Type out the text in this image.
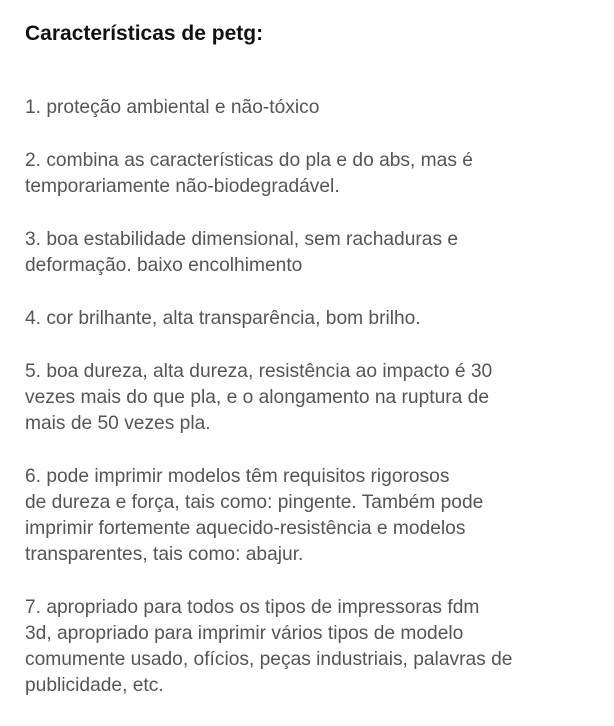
Características de petg:
1. proteção ambiental e não-tóxico
2. combina as características do pla e do abs, mas é
temporariamente não-biodegradável.
3. boa estabilidade dimensional, sem rachaduras e
deformação. baixo encolhimento
4. cor brilhante, alta transparência, bom brilho.
5. boa dureza, alta dureza, resistência ao impacto é 30
vezes mais do que pla, e o alongamento na ruptura de
mais de 50 vezes pla.
6. pode imprimir modelos têm requisitos rigorosos
de dureza e força, tais como: pingente. Também pode
imprimir fortemente aquecido-resistência e modelos
transparentes, tais como: abajur.
7. apropriado para todos os tipos de impressoras fdm
3d, apropriado para imprimir vários tipos de modelo
comumente usado, ofícios, peças industriais, palavras de
publicidade, etc.
